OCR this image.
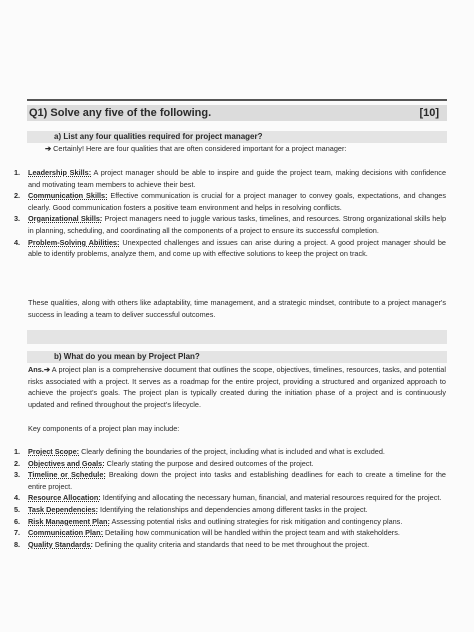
Q1) Solve any five of the following.	[10]
a) List any four qualities required for project manager?
➔ Certainly! Here are four qualities that are often considered important for a project manager:
1. Leadership Skills: A project manager should be able to inspire and guide the project team, making decisions with confidence and motivating team members to achieve their best.
2. Communication Skills: Effective communication is crucial for a project manager to convey goals, expectations, and changes clearly. Good communication fosters a positive team environment and helps in resolving conflicts.
3. Organizational Skills: Project managers need to juggle various tasks, timelines, and resources. Strong organizational skills help in planning, scheduling, and coordinating all the components of a project to ensure its successful completion.
4. Problem-Solving Abilities: Unexpected challenges and issues can arise during a project. A good project manager should be able to identify problems, analyze them, and come up with effective solutions to keep the project on track.
These qualities, along with others like adaptability, time management, and a strategic mindset, contribute to a project manager's success in leading a team to deliver successful outcomes.
b) What do you mean by Project Plan?
Ans.➔ A project plan is a comprehensive document that outlines the scope, objectives, timelines, resources, tasks, and potential risks associated with a project. It serves as a roadmap for the entire project, providing a structured and organized approach to achieve the project's goals. The project plan is typically created during the initiation phase of a project and is continuously updated and refined throughout the project's lifecycle.
Key components of a project plan may include:
1. Project Scope: Clearly defining the boundaries of the project, including what is included and what is excluded.
2. Objectives and Goals: Clearly stating the purpose and desired outcomes of the project.
3. Timeline or Schedule: Breaking down the project into tasks and establishing deadlines for each to create a timeline for the entire project.
4. Resource Allocation: Identifying and allocating the necessary human, financial, and material resources required for the project.
5. Task Dependencies: Identifying the relationships and dependencies among different tasks in the project.
6. Risk Management Plan: Assessing potential risks and outlining strategies for risk mitigation and contingency plans.
7. Communication Plan: Detailing how communication will be handled within the project team and with stakeholders.
8. Quality Standards: Defining the quality criteria and standards that need to be met throughout the project.
